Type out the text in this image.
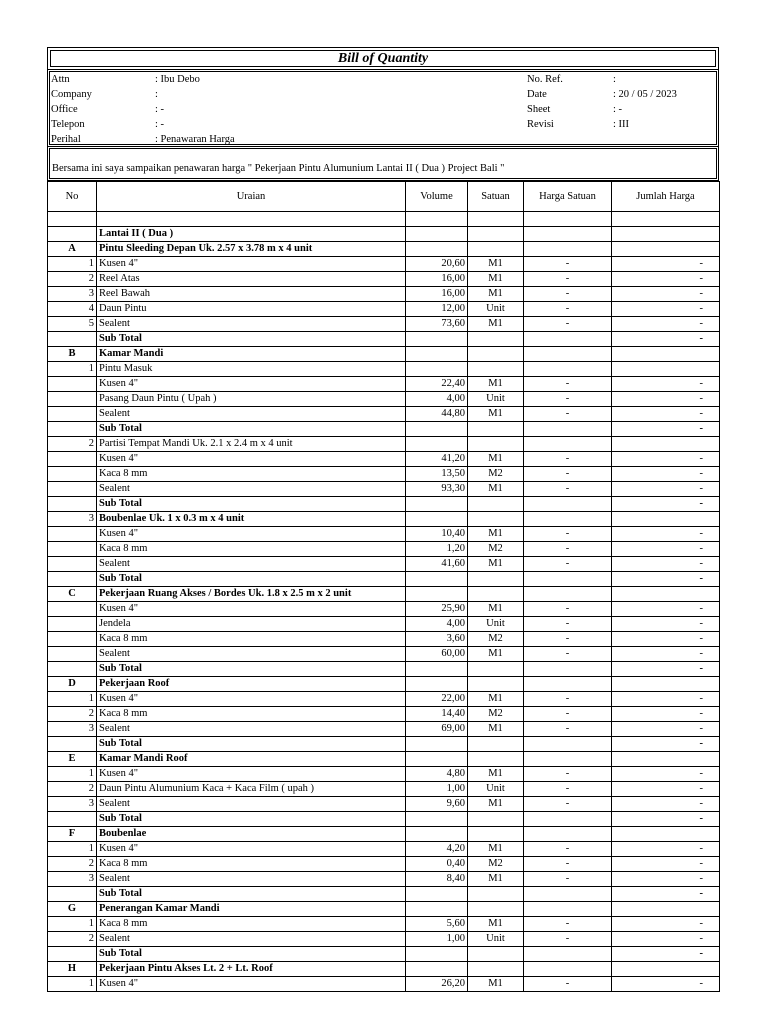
Bill of Quantity
Attn	: Ibu Debo
Company	:
Office	: -
Telepon	: -
Perihal	: Penawaran Harga
No. Ref.	:
Date	: 20 / 05 / 2023
Sheet	: -
Revisi	: III
Bersama ini saya sampaikan penawaran harga " Pekerjaan Pintu Alumunium Lantai II ( Dua ) Project Bali "
No	Uraian	Volume	Satuan	Harga Satuan	Jumlah Harga

	Lantai II ( Dua )				
A	Pintu Sleeding Depan Uk. 2.57 x 3.78 m x 4 unit				
1	Kusen 4"	20,60	M1	-	-
2	Reel Atas	16,00	M1	-	-
3	Reel Bawah	16,00	M1	-	-
4	Daun Pintu	12,00	Unit	-	-
5	Sealent	73,60	M1	-	-
	Sub Total				-
B	Kamar Mandi				
1	Pintu Masuk				
	Kusen 4"	22,40	M1	-	-
	Pasang Daun Pintu ( Upah )	4,00	Unit	-	-
	Sealent	44,80	M1	-	-
	Sub Total				-
2	Partisi Tempat Mandi Uk. 2.1 x 2.4 m x 4 unit				
	Kusen 4"	41,20	M1	-	-
	Kaca 8 mm	13,50	M2	-	-
	Sealent	93,30	M1	-	-
	Sub Total				-
3	Boubenlae Uk. 1 x 0.3 m x 4 unit				
	Kusen 4"	10,40	M1	-	-
	Kaca 8 mm	1,20	M2	-	-
	Sealent	41,60	M1	-	-
	Sub Total				-
C	Pekerjaan Ruang Akses / Bordes Uk. 1.8 x 2.5 m x 2 unit				
	Kusen 4"	25,90	M1	-	-
	Jendela	4,00	Unit	-	-
	Kaca 8 mm	3,60	M2	-	-
	Sealent	60,00	M1	-	-
	Sub Total				-
D	Pekerjaan Roof				
1	Kusen 4"	22,00	M1	-	-
2	Kaca 8 mm	14,40	M2	-	-
3	Sealent	69,00	M1	-	-
	Sub Total				-
E	Kamar Mandi Roof				
1	Kusen 4"	4,80	M1	-	-
2	Daun Pintu Alumunium Kaca + Kaca Film ( upah )	1,00	Unit	-	-
3	Sealent	9,60	M1	-	-
	Sub Total				-
F	Boubenlae				
1	Kusen 4"	4,20	M1	-	-
2	Kaca 8 mm	0,40	M2	-	-
3	Sealent	8,40	M1	-	-
	Sub Total				-
G	Penerangan Kamar Mandi				
1	Kaca 8 mm	5,60	M1	-	-
2	Sealent	1,00	Unit	-	-
	Sub Total				-
H	Pekerjaan Pintu Akses Lt. 2 + Lt. Roof				
1	Kusen 4"	26,20	M1	-	-
